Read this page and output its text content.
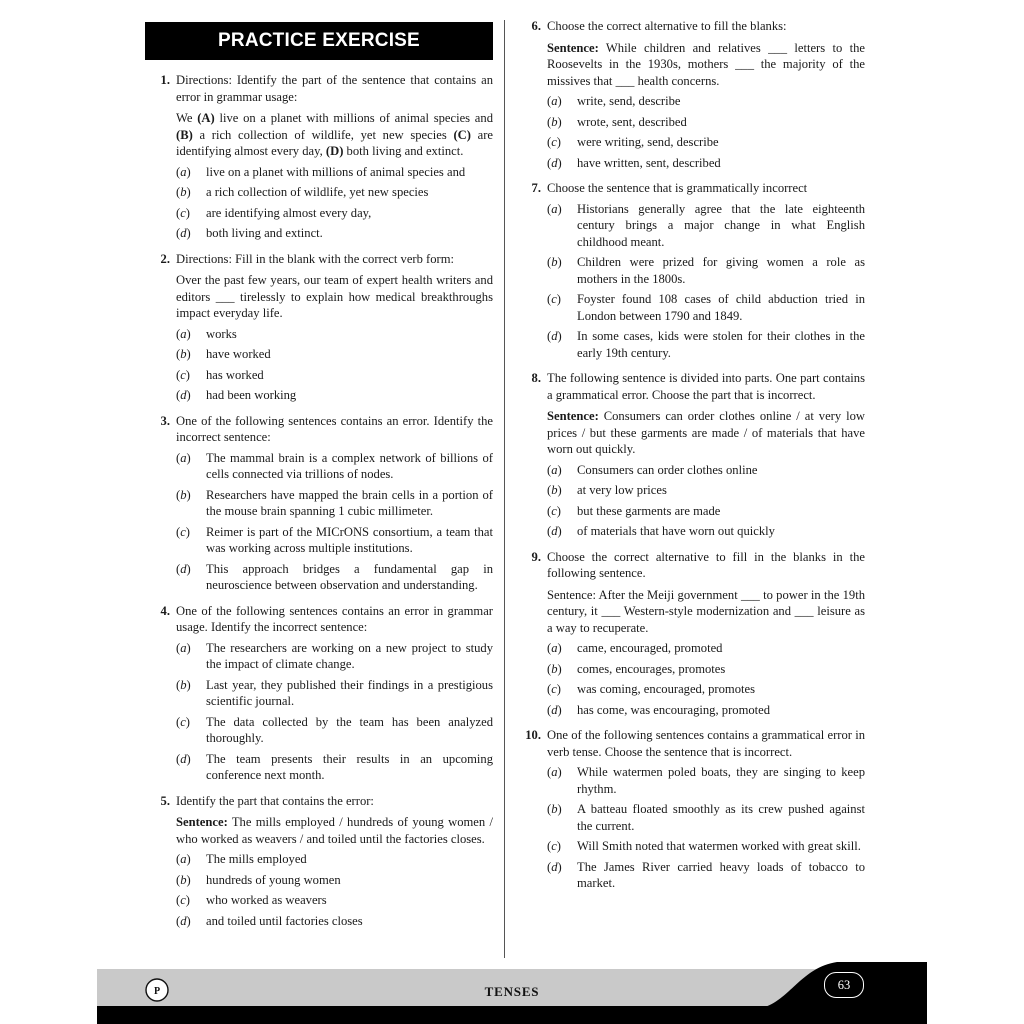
PRACTICE EXERCISE
1. Directions: Identify the part of the sentence that contains an error in grammar usage:
We (A) live on a planet with millions of animal species and (B) a rich collection of wildlife, yet new species (C) are identifying almost every day, (D) both living and extinct.
(a)	live on a planet with millions of animal species and
(b)	a rich collection of wildlife, yet new species
(c)	are identifying almost every day,
(d)	both living and extinct.
2. Directions: Fill in the blank with the correct verb form:
Over the past few years, our team of expert health writers and editors ___ tirelessly to explain how medical breakthroughs impact everyday life.
(a)	works
(b)	have worked
(c)	has worked
(d)	had been working
3. One of the following sentences contains an error. Identify the incorrect sentence:
(a)	The mammal brain is a complex network of billions of cells connected via trillions of nodes.
(b)	Researchers have mapped the brain cells in a portion of the mouse brain spanning 1 cubic millimeter.
(c)	Reimer is part of the MICrONS consortium, a team that was working across multiple institutions.
(d)	This approach bridges a fundamental gap in neuroscience between observation and understanding.
4. One of the following sentences contains an error in grammar usage. Identify the incorrect sentence:
(a)	The researchers are working on a new project to study the impact of climate change.
(b)	Last year, they published their findings in a prestigious scientific journal.
(c)	The data collected by the team has been analyzed thoroughly.
(d)	The team presents their results in an upcoming conference next month.
5. Identify the part that contains the error:
Sentence: The mills employed / hundreds of young women / who worked as weavers / and toiled until the factories closes.
(a)	The mills employed
(b)	hundreds of young women
(c)	who worked as weavers
(d)	and toiled until factories closes
6. Choose the correct alternative to fill the blanks:
Sentence: While children and relatives ___ letters to the Roosevelts in the 1930s, mothers ___ the majority of the missives that ___ health concerns.
(a)	write, send, describe
(b)	wrote, sent, described
(c)	were writing, send, describe
(d)	have written, sent, described
7. Choose the sentence that is grammatically incorrect
(a)	Historians generally agree that the late eighteenth century brings a major change in what English childhood meant.
(b)	Children were prized for giving women a role as mothers in the 1800s.
(c)	Foyster found 108 cases of child abduction tried in London between 1790 and 1849.
(d)	In some cases, kids were stolen for their clothes in the early 19th century.
8. The following sentence is divided into parts. One part contains a grammatical error. Choose the part that is incorrect.
Sentence: Consumers can order clothes online / at very low prices / but these garments are made / of materials that have worn out quickly.
(a)	Consumers can order clothes online
(b)	at very low prices
(c)	but these garments are made
(d)	of materials that have worn out quickly
9. Choose the correct alternative to fill in the blanks in the following sentence.
Sentence: After the Meiji government ___ to power in the 19th century, it ___ Western-style modernization and ___ leisure as a way to recuperate.
(a)	came, encouraged, promoted
(b)	comes, encourages, promotes
(c)	was coming, encouraged, promotes
(d)	has come, was encouraging, promoted
10. One of the following sentences contains a grammatical error in verb tense. Choose the sentence that is incorrect.
(a)	While watermen poled boats, they are singing to keep rhythm.
(b)	A batteau floated smoothly as its crew pushed against the current.
(c)	Will Smith noted that watermen worked with great skill.
(d)	The James River carried heavy loads of tobacco to market.
P	TENSES	63
